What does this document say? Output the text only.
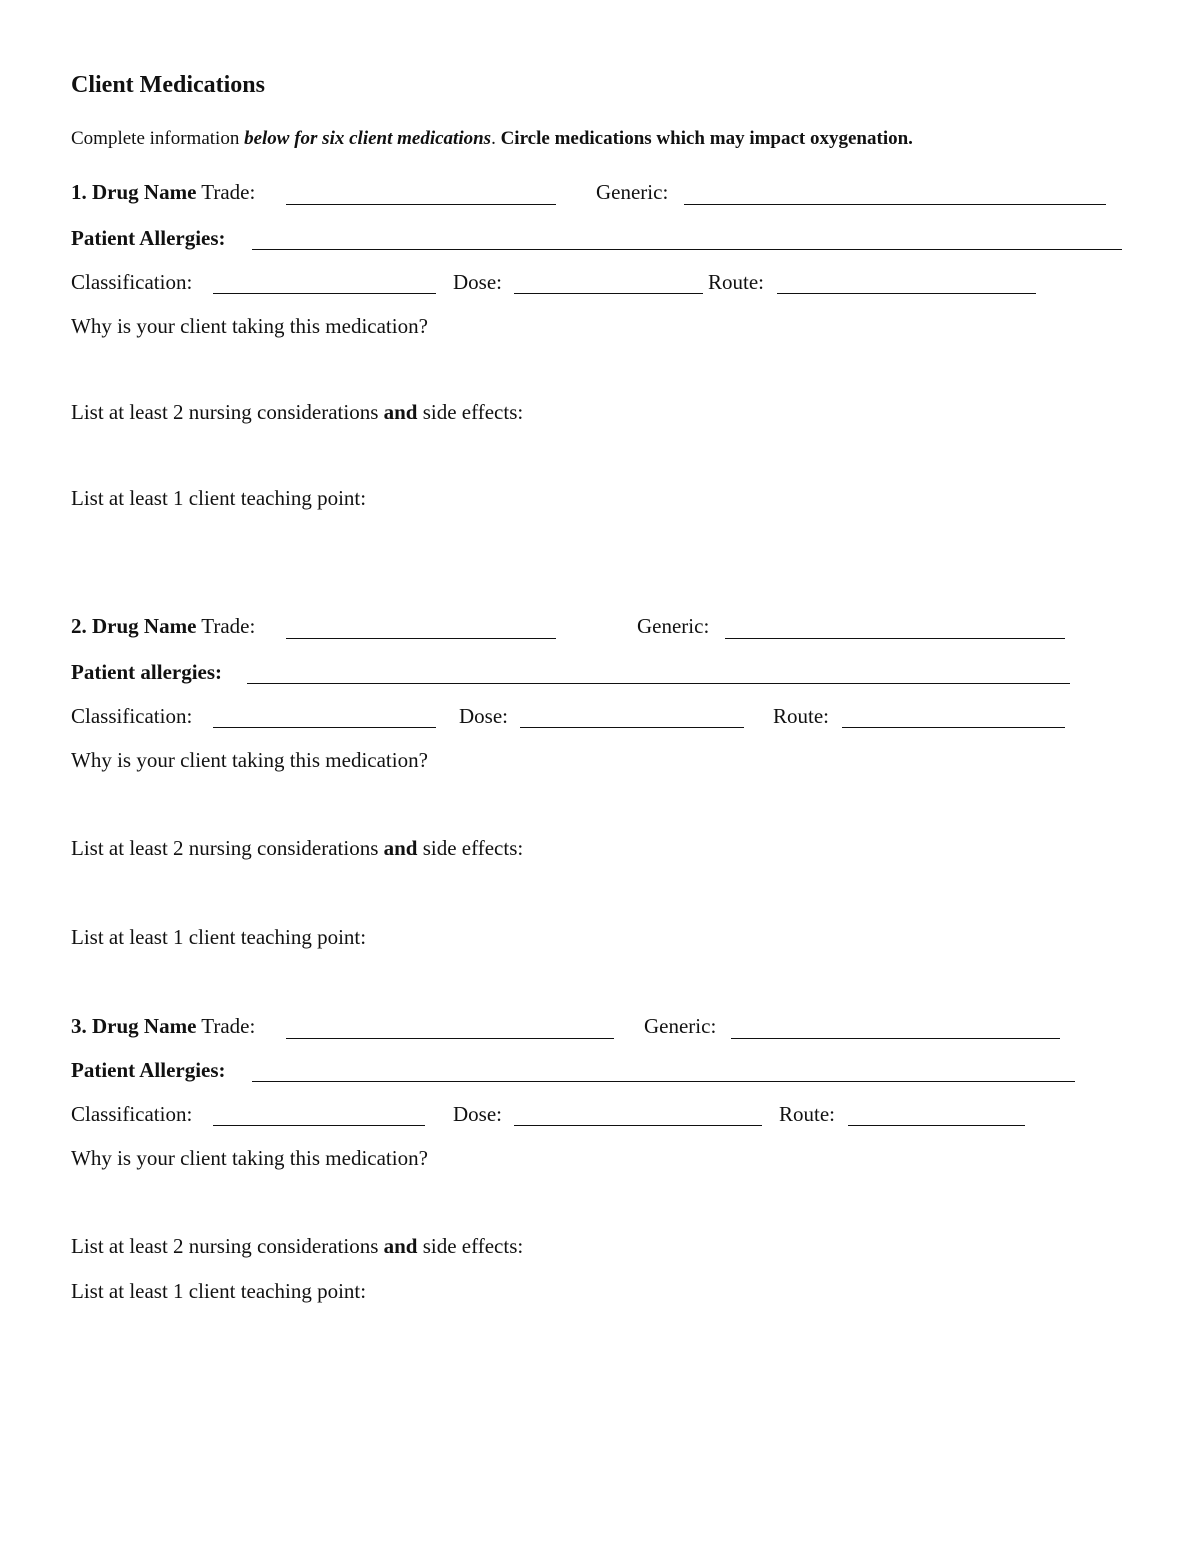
Client Medications
Complete information below for six client medications. Circle medications which may impact oxygenation.
1. Drug Name Trade:	Generic:
Patient Allergies:
Classification:	Dose:	Route:
Why is your client taking this medication?
List at least 2 nursing considerations and side effects:
List at least 1 client teaching point:
2. Drug Name Trade:	Generic:
Patient allergies:
Classification:	Dose:	Route:
Why is your client taking this medication?
List at least 2 nursing considerations and side effects:
List at least 1 client teaching point:
3. Drug Name Trade:	Generic:
Patient Allergies:
Classification:	Dose:	Route:
Why is your client taking this medication?
List at least 2 nursing considerations and side effects:
List at least 1 client teaching point:
